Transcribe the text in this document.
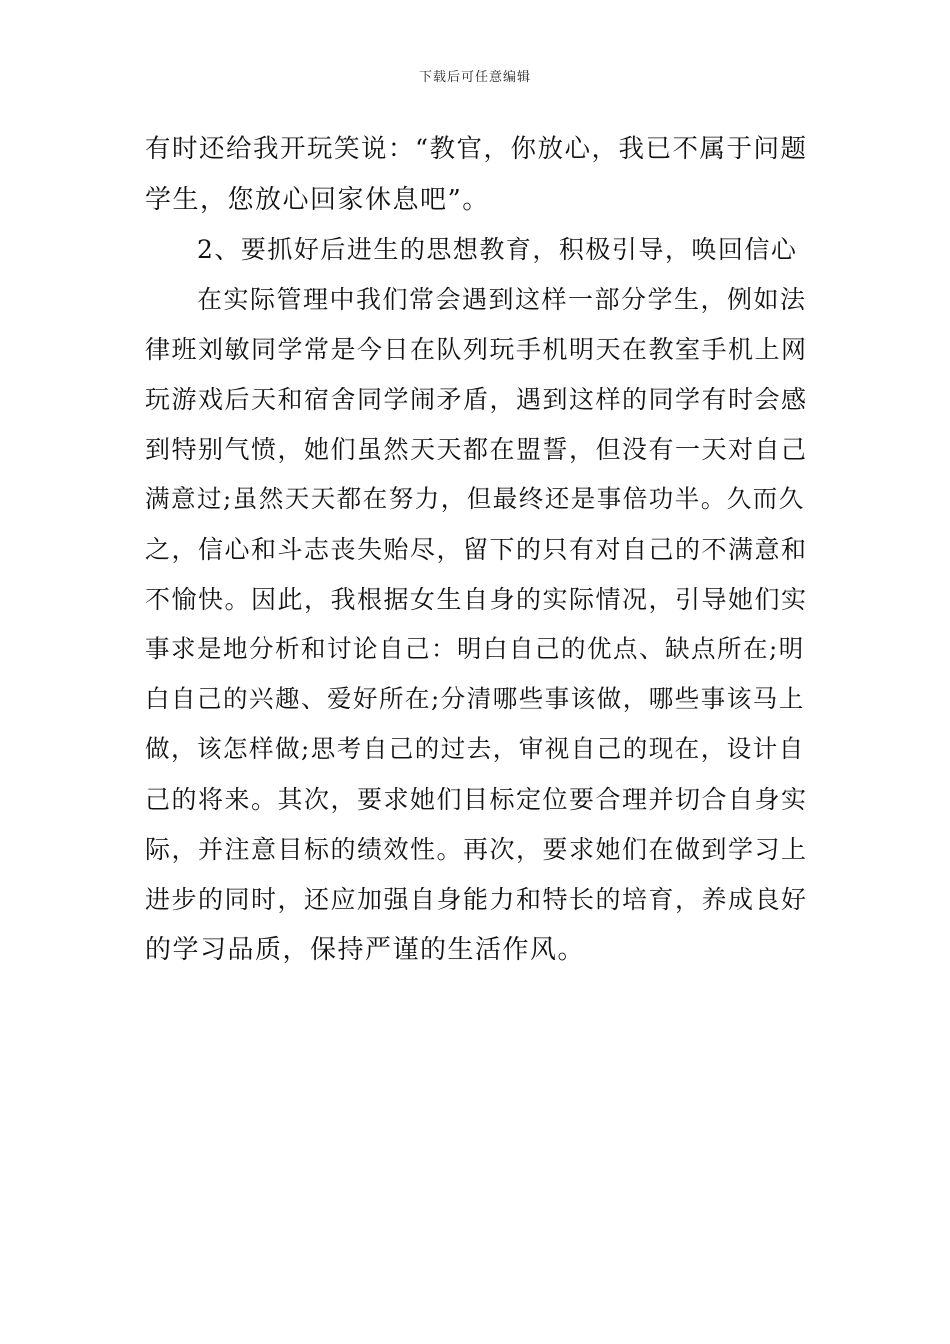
下载后可任意编辑
有时还给我开玩笑说：“教官，你放心，我已不属于问题
学生，您放心回家休息吧”。
2、要抓好后进生的思想教育，积极引导，唤回信心
在实际管理中我们常会遇到这样一部分学生，例如法
律班刘敏同学常是今日在队列玩手机明天在教室手机上网
玩游戏后天和宿舍同学闹矛盾，遇到这样的同学有时会感
到特别气愤，她们虽然天天都在盟誓，但没有一天对自己
满意过;虽然天天都在努力，但最终还是事倍功半。久而久
之，信心和斗志丧失贻尽，留下的只有对自己的不满意和
不愉快。因此，我根据女生自身的实际情况，引导她们实
事求是地分析和讨论自己：明白自己的优点、缺点所在;明
白自己的兴趣、爱好所在;分清哪些事该做，哪些事该马上
做，该怎样做;思考自己的过去，审视自己的现在，设计自
己的将来。其次，要求她们目标定位要合理并切合自身实
际，并注意目标的绩效性。再次，要求她们在做到学习上
进步的同时，还应加强自身能力和特长的培育，养成良好
的学习品质，保持严谨的生活作风。
